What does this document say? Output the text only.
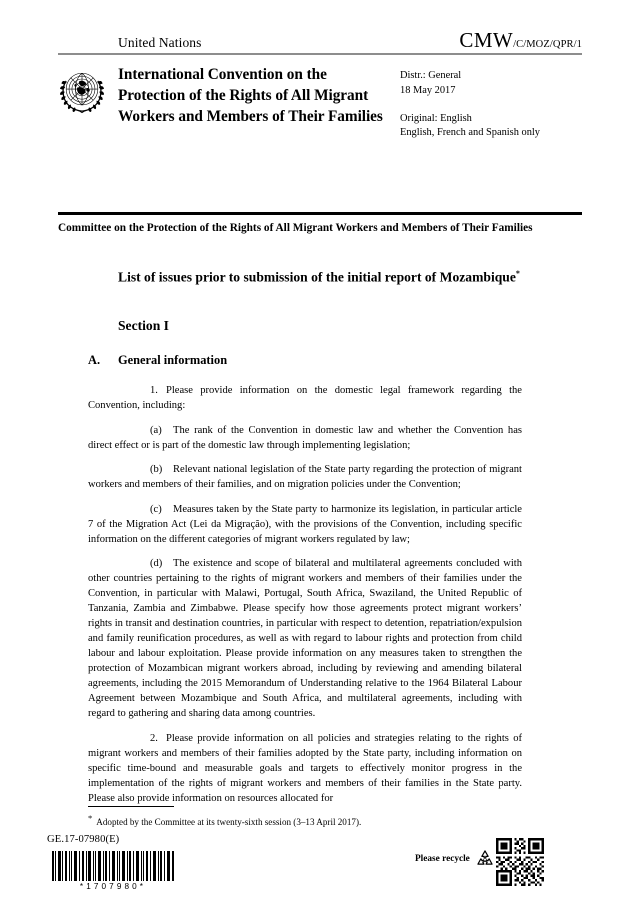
United Nations	CMW/C/MOZ/QPR/1
International Convention on the Protection of the Rights of All Migrant Workers and Members of Their Families
Distr.: General
18 May 2017
Original: English
English, French and Spanish only
Committee on the Protection of the Rights of All Migrant Workers and Members of Their Families
List of issues prior to submission of the initial report of Mozambique*
Section I
A.	General information

1. Please provide information on the domestic legal framework regarding the Convention, including:

(a) The rank of the Convention in domestic law and whether the Convention has direct effect or is part of the domestic law through implementing legislation;

(b) Relevant national legislation of the State party regarding the protection of migrant workers and members of their families, and on migration policies under the Convention;

(c) Measures taken by the State party to harmonize its legislation, in particular article 7 of the Migration Act (Lei da Migração), with the provisions of the Convention, including specific information on the different categories of migrant workers regulated by law;

(d) The existence and scope of bilateral and multilateral agreements concluded with other countries pertaining to the rights of migrant workers and members of their families under the Convention, in particular with Malawi, Portugal, South Africa, Swaziland, the United Republic of Tanzania, Zambia and Zimbabwe. Please specify how those agreements protect migrant workers’ rights in transit and destination countries, in particular with respect to detention, repatriation/expulsion and family reunification procedures, as well as with regard to labour rights and protection from child labour and labour exploitation. Please provide information on any measures taken to strengthen the protection of Mozambican migrant workers abroad, including by reviewing and amending bilateral agreements, including the 2015 Memorandum of Understanding relative to the 1964 Bilateral Labour Agreement between Mozambique and South Africa, and multilateral agreements, including with regard to gathering and sharing data among countries.

2. Please provide information on all policies and strategies relating to the rights of migrant workers and members of their families adopted by the State party, including information on specific time-bound and measurable goals and targets to effectively monitor progress in the implementation of the rights of migrant workers and members of their families in the State party. Please also provide information on resources allocated for

* Adopted by the Committee at its twenty-sixth session (3–13 April 2017).
GE.17-07980(E)
*1707980*
Please recycle
